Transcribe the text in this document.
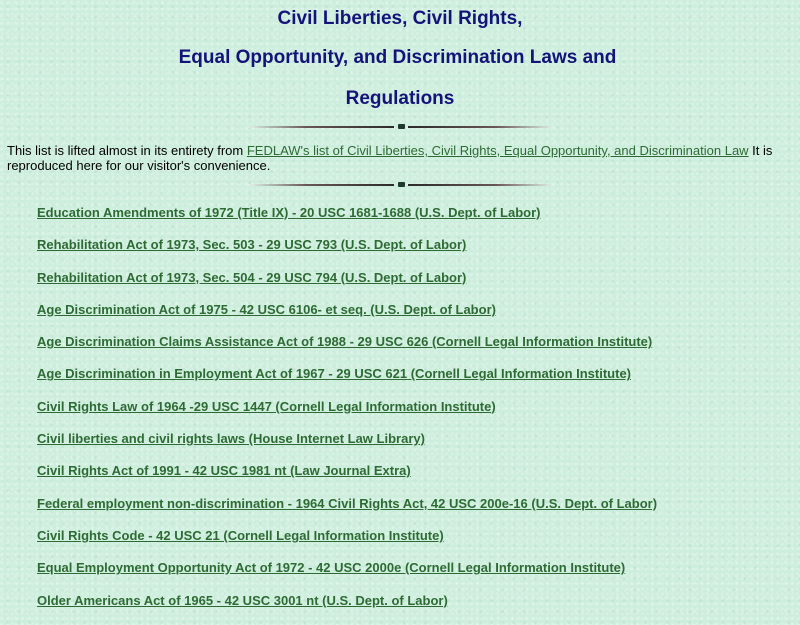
Civil Liberties, Civil Rights,
Equal Opportunity, and Discrimination Laws and
Regulations
This list is lifted almost in its entirety from FEDLAW's list of Civil Liberties, Civil Rights, Equal Opportunity, and Discrimination Law It is reproduced here for our visitor's convenience.
Education Amendments of 1972 (Title IX) - 20 USC 1681-1688 (U.S. Dept. of Labor)
Rehabilitation Act of 1973, Sec. 503 - 29 USC 793 (U.S. Dept. of Labor)
Rehabilitation Act of 1973, Sec. 504 - 29 USC 794 (U.S. Dept. of Labor)
Age Discrimination Act of 1975 - 42 USC 6106- et seq. (U.S. Dept. of Labor)
Age Discrimination Claims Assistance Act of 1988 - 29 USC 626 (Cornell Legal Information Institute)
Age Discrimination in Employment Act of 1967 - 29 USC 621 (Cornell Legal Information Institute)
Civil Rights Law of 1964 -29 USC 1447 (Cornell Legal Information Institute)
Civil liberties and civil rights laws (House Internet Law Library)
Civil Rights Act of 1991 - 42 USC 1981 nt (Law Journal Extra)
Federal employment non-discrimination - 1964 Civil Rights Act, 42 USC 200e-16 (U.S. Dept. of Labor)
Civil Rights Code - 42 USC 21 (Cornell Legal Information Institute)
Equal Employment Opportunity Act of 1972 - 42 USC 2000e (Cornell Legal Information Institute)
Older Americans Act of 1965 - 42 USC 3001 nt (U.S. Dept. of Labor)
